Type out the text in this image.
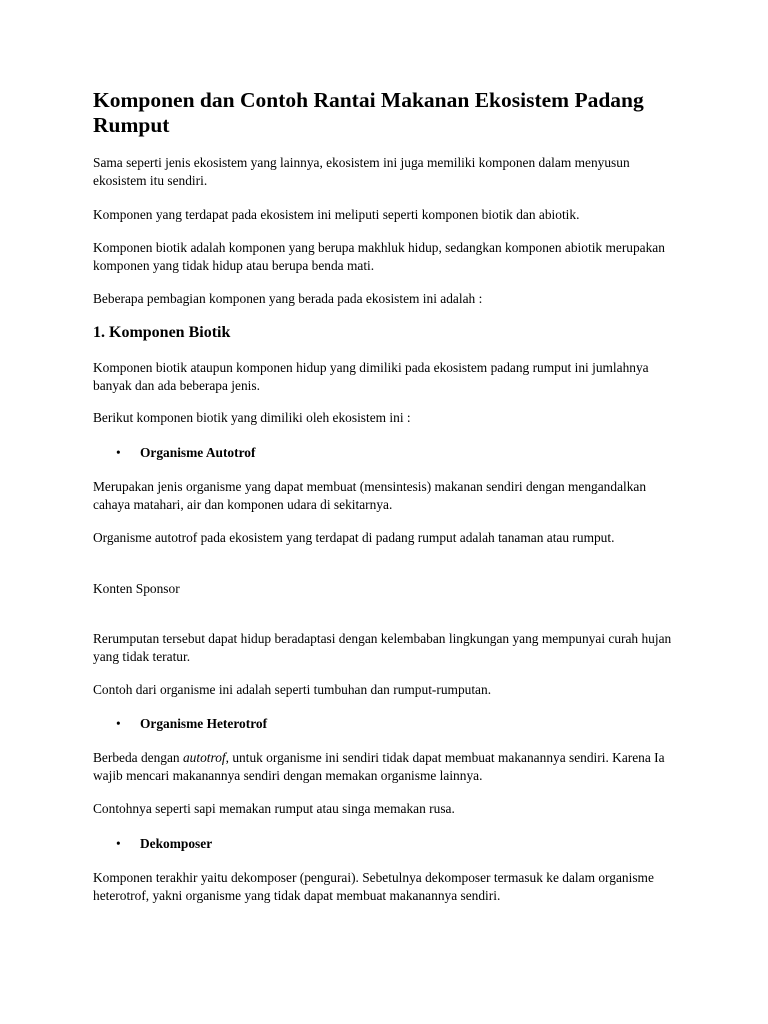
Komponen dan Contoh Rantai Makanan Ekosistem Padang Rumput

Sama seperti jenis ekosistem yang lainnya, ekosistem ini juga memiliki komponen dalam menyusun ekosistem itu sendiri.

Komponen yang terdapat pada ekosistem ini meliputi seperti komponen biotik dan abiotik.

Komponen biotik adalah komponen yang berupa makhluk hidup, sedangkan komponen abiotik merupakan komponen yang tidak hidup atau berupa benda mati.

Beberapa pembagian komponen yang berada pada ekosistem ini adalah :

1. Komponen Biotik

Komponen biotik ataupun komponen hidup yang dimiliki pada ekosistem padang rumput ini jumlahnya banyak dan ada beberapa jenis.

Berikut komponen biotik yang dimiliki oleh ekosistem ini :

• Organisme Autotrof

Merupakan jenis organisme yang dapat membuat (mensintesis) makanan sendiri dengan mengandalkan cahaya matahari, air dan komponen udara di sekitarnya.

Organisme autotrof pada ekosistem yang terdapat di padang rumput adalah tanaman atau rumput.

Konten Sponsor

Rerumputan tersebut dapat hidup beradaptasi dengan kelembaban lingkungan yang mempunyai curah hujan yang tidak teratur.

Contoh dari organisme ini adalah seperti tumbuhan dan rumput-rumputan.

• Organisme Heterotrof

Berbeda dengan autotrof, untuk organisme ini sendiri tidak dapat membuat makanannya sendiri. Karena Ia wajib mencari makanannya sendiri dengan memakan organisme lainnya.

Contohnya seperti sapi memakan rumput atau singa memakan rusa.

• Dekomposer

Komponen terakhir yaitu dekomposer (pengurai). Sebetulnya dekomposer termasuk ke dalam organisme heterotrof, yakni organisme yang tidak dapat membuat makanannya sendiri.
